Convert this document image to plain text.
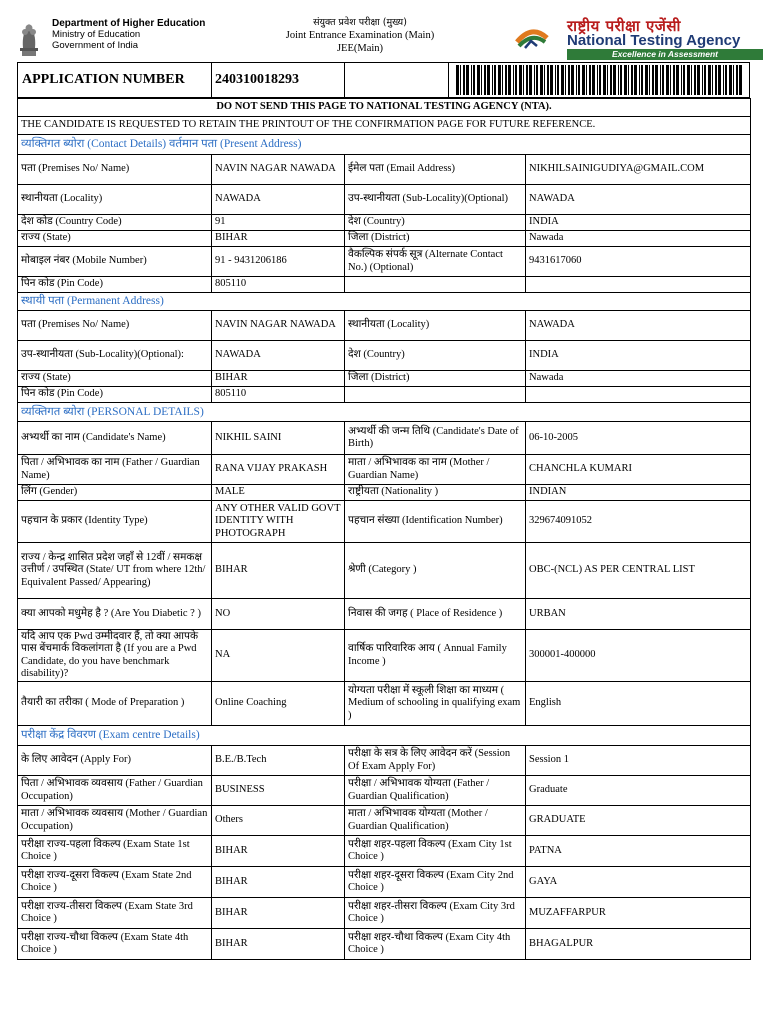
Department of Higher Education
Ministry of Education
Government of India
संयुक्त प्रवेश परीक्षा (मुख्य)
Joint Entrance Examination (Main)
JEE(Main)
राष्ट्रीय परीक्षा एजेंसी
National Testing Agency
Excellence in Assessment
APPLICATION NUMBER	240310018293
DO NOT SEND THIS PAGE TO NATIONAL TESTING AGENCY (NTA).			
THE CANDIDATE IS REQUESTED TO RETAIN THE PRINTOUT OF THE CONFIRMATION PAGE FOR FUTURE REFERENCE.			
व्यक्तिगत ब्योरा (Contact Details) वर्तमान पता (Present Address)			
पता (Premises No/ Name)	NAVIN NAGAR NAWADA	ईमेल पता (Email Address)	NIKHILSAINIGUDIYA@GMAIL.COM
स्थानीयता (Locality)	NAWADA	उप-स्थानीयता (Sub-Locality)(Optional)	NAWADA
देश कोड (Country Code)	91	देश (Country)	INDIA
राज्य (State)	BIHAR	जिला (District)	Nawada
मोबाइल नंबर (Mobile Number)	91 - 9431206186	वैकल्पिक संपर्क सूत्र (Alternate Contact No.) (Optional)	9431617060
पिन कोड (Pin Code)	805110		
स्थायी पता (Permanent Address)			
पता (Premises No/ Name)	NAVIN NAGAR NAWADA	स्थानीयता (Locality)	NAWADA
उप-स्थानीयता (Sub-Locality)(Optional):	NAWADA	देश (Country)	INDIA
राज्य (State)	BIHAR	जिला (District)	Nawada
पिन कोड (Pin Code)	805110		
व्यक्तिगत ब्योरा (PERSONAL DETAILS)			
अभ्यर्थी का नाम (Candidate's Name)	NIKHIL SAINI	अभ्यर्थी की जन्म तिथि (Candidate's Date of Birth)	06-10-2005
पिता / अभिभावक का नाम (Father / Guardian Name)	RANA VIJAY PRAKASH	माता / अभिभावक का नाम (Mother / Guardian Name)	CHANCHLA KUMARI
लिंग (Gender)	MALE	राष्ट्रीयता (Nationality )	INDIAN
पहचान के प्रकार (Identity Type)	ANY OTHER VALID GOVT IDENTITY WITH PHOTOGRAPH	पहचान संख्या (Identification Number)	329674091052
राज्य / केन्द्र शासित प्रदेश जहाँ से 12वीं / समकक्ष उत्तीर्ण / उपस्थित (State/ UT from where 12th/ Equivalent Passed/ Appearing)	BIHAR	श्रेणी (Category )	OBC-(NCL) AS PER CENTRAL LIST
क्या आपको मधुमेह है ? (Are You Diabetic ? )	NO	निवास की जगह ( Place of Residence )	URBAN
यदि आप एक Pwd उम्मीदवार हैं, तो क्या आपके पास बेंचमार्क विकलांगता है (If you are a Pwd Candidate, do you have benchmark disability)?	NA	वार्षिक पारिवारिक आय ( Annual Family Income )	300001-400000
तैयारी का तरीका ( Mode of Preparation )	Online Coaching	योग्यता परीक्षा में स्कूली शिक्षा का माध्यम ( Medium of schooling in qualifying exam )	English
परीक्षा केंद्र विवरण (Exam centre Details)			
के लिए आवेदन (Apply For)	B.E./B.Tech	परीक्षा के सत्र के लिए आवेदन करें (Session Of Exam Apply For)	Session 1
पिता / अभिभावक व्यवसाय (Father / Guardian Occupation)	BUSINESS	परीक्षा / अभिभावक योग्यता (Father / Guardian Qualification)	Graduate
माता / अभिभावक व्यवसाय (Mother / Guardian Occupation)	Others	माता / अभिभावक योग्यता (Mother / Guardian Qualification)	GRADUATE
परीक्षा राज्य-पहला विकल्प (Exam State 1st Choice )	BIHAR	परीक्षा शहर-पहला विकल्प (Exam City 1st Choice )	PATNA
परीक्षा राज्य-दूसरा विकल्प (Exam State 2nd Choice )	BIHAR	परीक्षा शहर-दूसरा विकल्प (Exam City 2nd Choice )	GAYA
परीक्षा राज्य-तीसरा विकल्प (Exam State 3rd Choice )	BIHAR	परीक्षा शहर-तीसरा विकल्प (Exam City 3rd Choice )	MUZAFFARPUR
परीक्षा राज्य-चौथा विकल्प (Exam State 4th Choice )	BIHAR	परीक्षा शहर-चौथा विकल्प (Exam City 4th Choice )	BHAGALPUR
